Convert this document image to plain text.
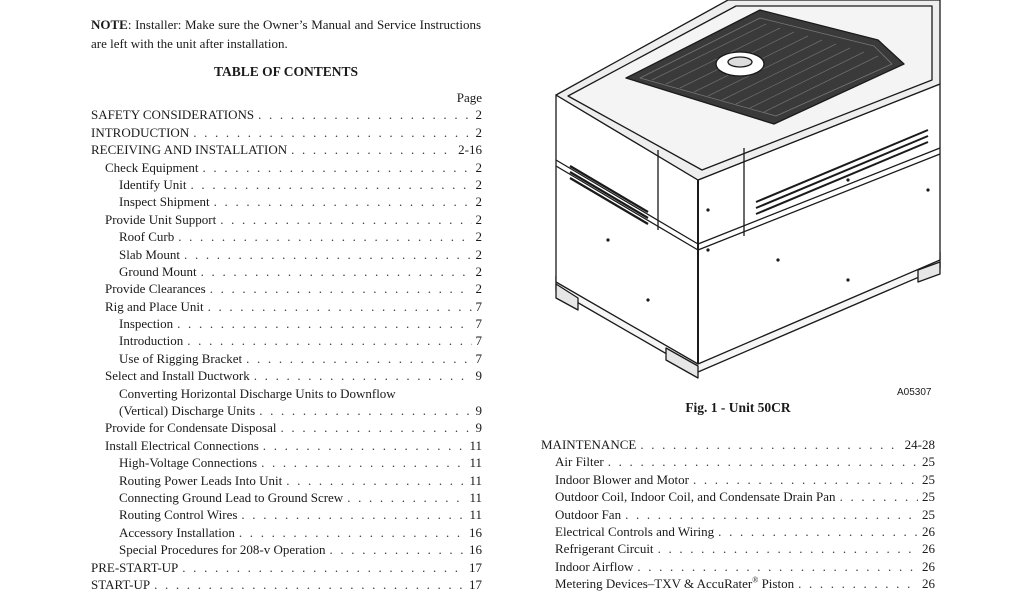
NOTE: Installer: Make sure the Owner’s Manual and Service Instructions are left with the unit after installation.
TABLE OF CONTENTS
Page
SAFETY CONSIDERATIONS . . .	2
INTRODUCTION . . .	2
RECEIVING AND INSTALLATION . . .	2-16
Check Equipment . . .	2
Identify Unit . . .	2
Inspect Shipment . . .	2
Provide Unit Support . . .	2
Roof Curb . . .	2
Slab Mount . . .	2
Ground Mount . . .	2
Provide Clearances . . .	2
Rig and Place Unit . . .	7
Inspection . . .	7
Introduction . . .	7
Use of Rigging Bracket . . .	7
Select and Install Ductwork . . .	9
Converting Horizontal Discharge Units to Downflow
(Vertical) Discharge Units . . .	9
Provide for Condensate Disposal . . .	9
Install Electrical Connections . . .	11
High-Voltage Connections . . .	11
Routing Power Leads Into Unit . . .	11
Connecting Ground Lead to Ground Screw . . .	11
Routing Control Wires . . .	11
Accessory Installation . . .	16
Special Procedures for 208-v Operation . . .	16
PRE-START-UP . . .	17
START-UP . . .	17
A05307
Fig. 1 - Unit 50CR
MAINTENANCE . . .	24-28
Air Filter . . .	25
Indoor Blower and Motor . . .	25
Outdoor Coil, Indoor Coil, and Condensate Drain Pan . . .	25
Outdoor Fan . . .	25
Electrical Controls and Wiring . . .	26
Refrigerant Circuit . . .	26
Indoor Airflow . . .	26
Metering Devices–TXV & AccuRater® Piston . . .	26
